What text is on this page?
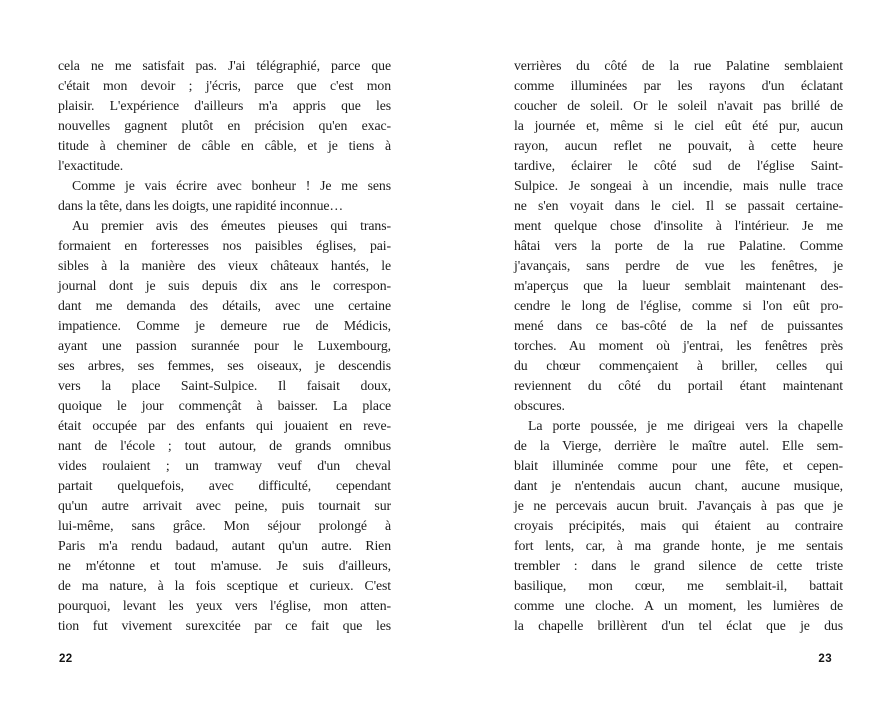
cela ne me satisfait pas. J'ai télégraphié, parce que
c'était mon devoir ; j'écris, parce que c'est mon
plaisir. L'expérience d'ailleurs m'a appris que les
nouvelles gagnent plutôt en précision qu'en exac-
titude à cheminer de câble en câble, et je tiens à
l'exactitude.
Comme je vais écrire avec bonheur ! Je me sens
dans la tête, dans les doigts, une rapidité inconnue…
Au premier avis des émeutes pieuses qui trans-
formaient en forteresses nos paisibles églises, pai-
sibles à la manière des vieux châteaux hantés, le
journal dont je suis depuis dix ans le correspon-
dant me demanda des détails, avec une certaine
impatience. Comme je demeure rue de Médicis,
ayant une passion surannée pour le Luxembourg,
ses arbres, ses femmes, ses oiseaux, je descendis
vers la place Saint-Sulpice. Il faisait doux,
quoique le jour commençât à baisser. La place
était occupée par des enfants qui jouaient en reve-
nant de l'école ; tout autour, de grands omnibus
vides roulaient ; un tramway veuf d'un cheval
partait quelquefois, avec difficulté, cependant
qu'un autre arrivait avec peine, puis tournait sur
lui-même, sans grâce. Mon séjour prolongé à
Paris m'a rendu badaud, autant qu'un autre. Rien
ne m'étonne et tout m'amuse. Je suis d'ailleurs,
de ma nature, à la fois sceptique et curieux. C'est
pourquoi, levant les yeux vers l'église, mon atten-
tion fut vivement surexcitée par ce fait que les
22
verrières du côté de la rue Palatine semblaient
comme illuminées par les rayons d'un éclatant
coucher de soleil. Or le soleil n'avait pas brillé de
la journée et, même si le ciel eût été pur, aucun
rayon, aucun reflet ne pouvait, à cette heure
tardive, éclairer le côté sud de l'église Saint-
Sulpice. Je songeai à un incendie, mais nulle trace
ne s'en voyait dans le ciel. Il se passait certaine-
ment quelque chose d'insolite à l'intérieur. Je me
hâtai vers la porte de la rue Palatine. Comme
j'avançais, sans perdre de vue les fenêtres, je
m'aperçus que la lueur semblait maintenant des-
cendre le long de l'église, comme si l'on eût pro-
mené dans ce bas-côté de la nef de puissantes
torches. Au moment où j'entrai, les fenêtres près
du chœur commençaient à briller, celles qui
reviennent du côté du portail étant maintenant
obscures.
La porte poussée, je me dirigeai vers la chapelle
de la Vierge, derrière le maître autel. Elle sem-
blait illuminée comme pour une fête, et cepen-
dant je n'entendais aucun chant, aucune musique,
je ne percevais aucun bruit. J'avançais à pas que je
croyais précipités, mais qui étaient au contraire
fort lents, car, à ma grande honte, je me sentais
trembler : dans le grand silence de cette triste
basilique, mon cœur, me semblait-il, battait
comme une cloche. A un moment, les lumières de
la chapelle brillèrent d'un tel éclat que je dus
23
